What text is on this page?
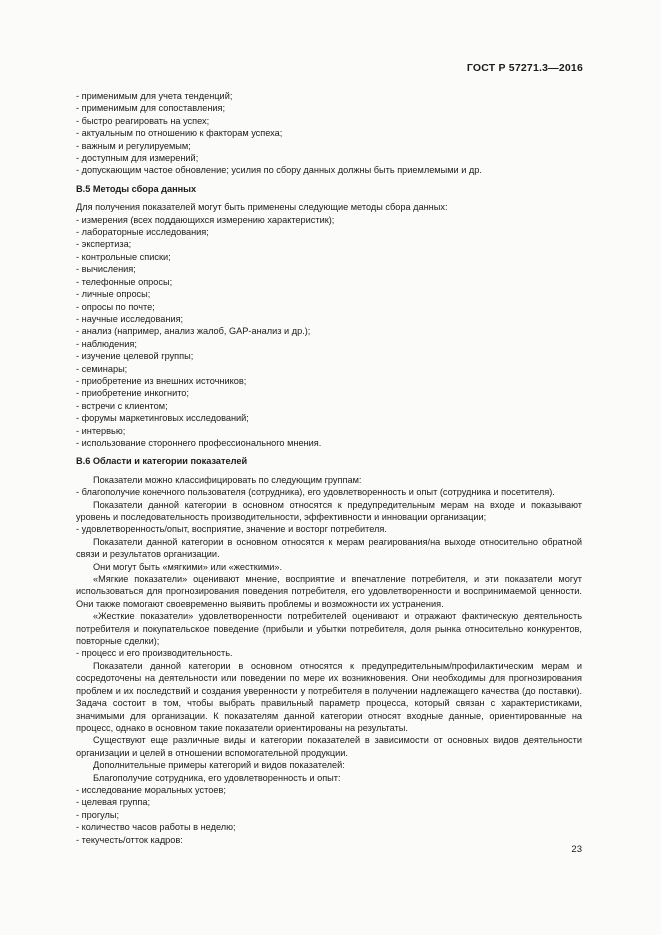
ГОСТ Р 57271.3—2016

- применимым для учета тенденций;

- применимым для сопоставления;

- быстро реагировать на успех;

- актуальным по отношению к факторам успеха;

- важным и регулируемым;

- доступным для измерений;

- допускающим частое обновление; усилия по сбору данных должны быть приемлемыми и др.

В.5 Методы сбора данных

Для получения показателей могут быть применены следующие методы сбора данных:

- измерения (всех поддающихся измерению характеристик);

- лабораторные исследования;

- экспертиза;

- контрольные списки;

- вычисления;

- телефонные опросы;

- личные опросы;

- опросы по почте;

- научные исследования;

- анализ (например, анализ жалоб, GAP-анализ и др.);

- наблюдения;

- изучение целевой группы;

- семинары;

- приобретение из внешних источников;

- приобретение инкогнито;

- встречи с клиентом;

- форумы маркетинговых исследований;

- интервью;

- использование стороннего профессионального мнения.

В.6 Области и категории показателей

Показатели можно классифицировать по следующим группам:

- благополучие конечного пользователя (сотрудника), его удовлетворенность и опыт (сотрудника и посетителя).

Показатели данной категории в основном относятся к предупредительным мерам на входе и показывают уровень и последовательность производительности, эффективности и инновации организации;

- удовлетворенность/опыт, восприятие, значение и восторг потребителя.

Показатели данной категории в основном относятся к мерам реагирования/на выходе относительно обратной связи и результатов организации.

Они могут быть «мягкими» или «жесткими».

«Мягкие показатели» оценивают мнение, восприятие и впечатление потребителя, и эти показатели могут использоваться для прогнозирования поведения потребителя, его удовлетворенности и воспринимаемой ценности. Они также помогают своевременно выявить проблемы и возможности их устранения.

«Жесткие показатели» удовлетворенности потребителей оценивают и отражают фактическую деятельность потребителя и покупательское поведение (прибыли и убытки потребителя, доля рынка относительно конкурентов, повторные сделки);

- процесс и его производительность.

Показатели данной категории в основном относятся к предупредительным/профилактическим мерам и сосредоточены на деятельности или поведении по мере их возникновения. Они необходимы для прогнозирования проблем и их последствий и создания уверенности у потребителя в получении надлежащего качества (до поставки). Задача состоит в том, чтобы выбрать правильный параметр процесса, который связан с характеристиками, значимыми для организации. К показателям данной категории относят входные данные, ориентированные на процесс, однако в основном такие показатели ориентированы на результаты.

Существуют еще различные виды и категории показателей в зависимости от основных видов деятельности организации и целей в отношении вспомогательной продукции.

Дополнительные примеры категорий и видов показателей:

Благополучие сотрудника, его удовлетворенность и опыт:

- исследование моральных устоев;

- целевая группа;

- прогулы;

- количество часов работы в неделю;

- текучесть/отток кадров:

23
